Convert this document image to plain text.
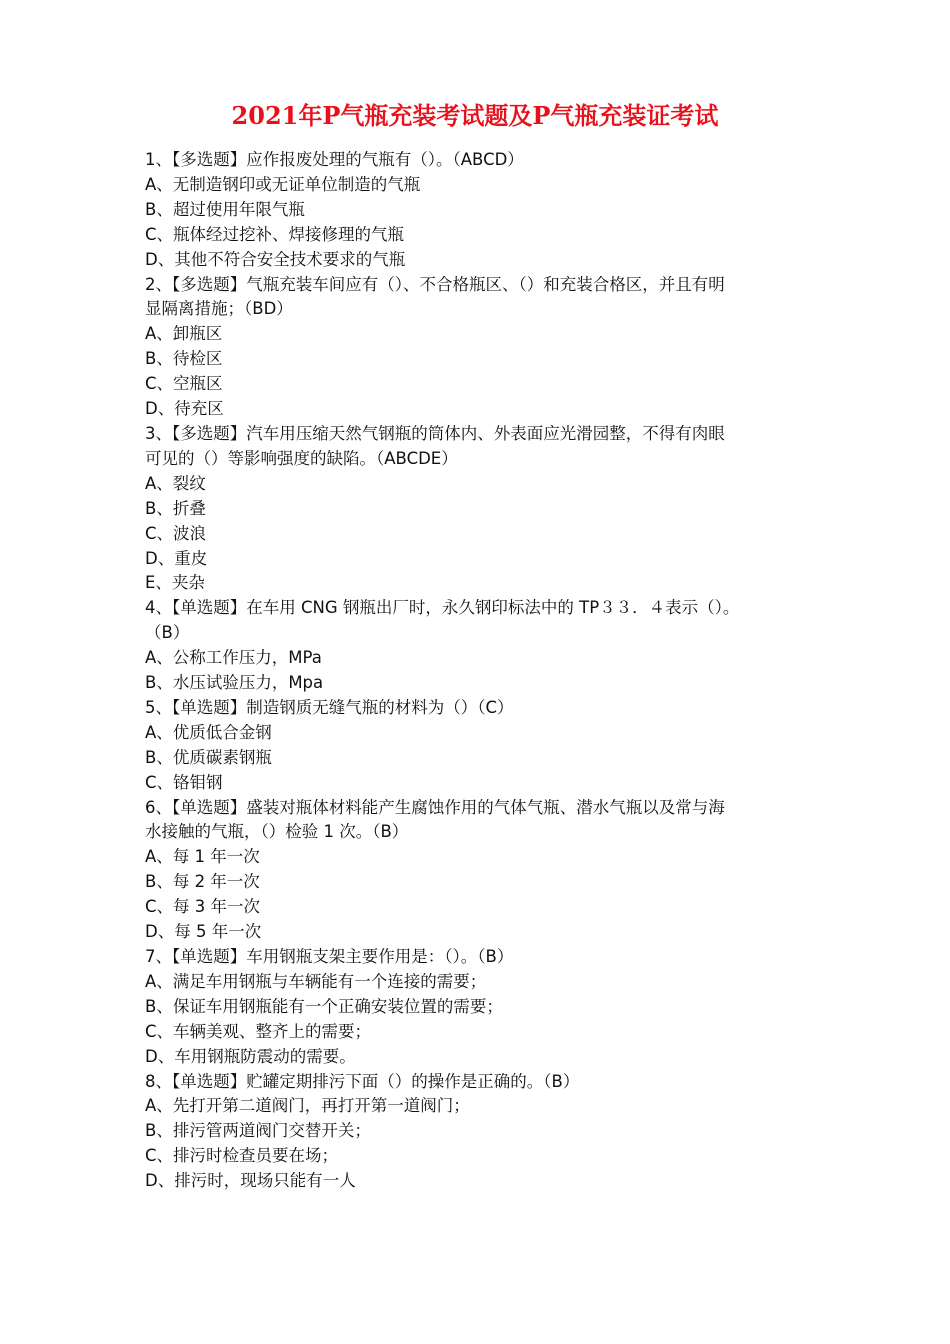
2021年P气瓶充装考试题及P气瓶充装证考试

1、【多选题】应作报废处理的气瓶有（）。（ABCD）

A、无制造钢印或无证单位制造的气瓶

B、超过使用年限气瓶

C、瓶体经过挖补、焊接修理的气瓶

D、其他不符合安全技术要求的气瓶

2、【多选题】气瓶充装车间应有（）、不合格瓶区、（）和充装合格区，并且有明

显隔离措施；（BD）

A、卸瓶区

B、待检区

C、空瓶区

D、待充区

3、【多选题】汽车用压缩天然气钢瓶的筒体内、外表面应光滑园整，不得有肉眼

可见的（）等影响强度的缺陷。（ABCDE）

A、裂纹

B、折叠

C、波浪

D、重皮

E、夹杂

4、【单选题】在车用 CNG 钢瓶出厂时，永久钢印标法中的 TP３３．４表示（）。

（B）

A、公称工作压力，MPa

B、水压试验压力，Mpa

5、【单选题】制造钢质无缝气瓶的材料为（）（C）

A、优质低合金钢

B、优质碳素钢瓶

C、铬钼钢

6、【单选题】盛装对瓶体材料能产生腐蚀作用的气体气瓶、潜水气瓶以及常与海

水接触的气瓶，（）检验 1 次。（B）

A、每 1 年一次

B、每 2 年一次

C、每 3 年一次

D、每 5 年一次

7、【单选题】车用钢瓶支架主要作用是：（）。（B）

A、满足车用钢瓶与车辆能有一个连接的需要；

B、保证车用钢瓶能有一个正确安装位置的需要；

C、车辆美观、整齐上的需要；

D、车用钢瓶防震动的需要。

8、【单选题】贮罐定期排污下面（）的操作是正确的。（B）

A、先打开第二道阀门，再打开第一道阀门；

B、排污管两道阀门交替开关；

C、排污时检查员要在场；

D、排污时，现场只能有一人
